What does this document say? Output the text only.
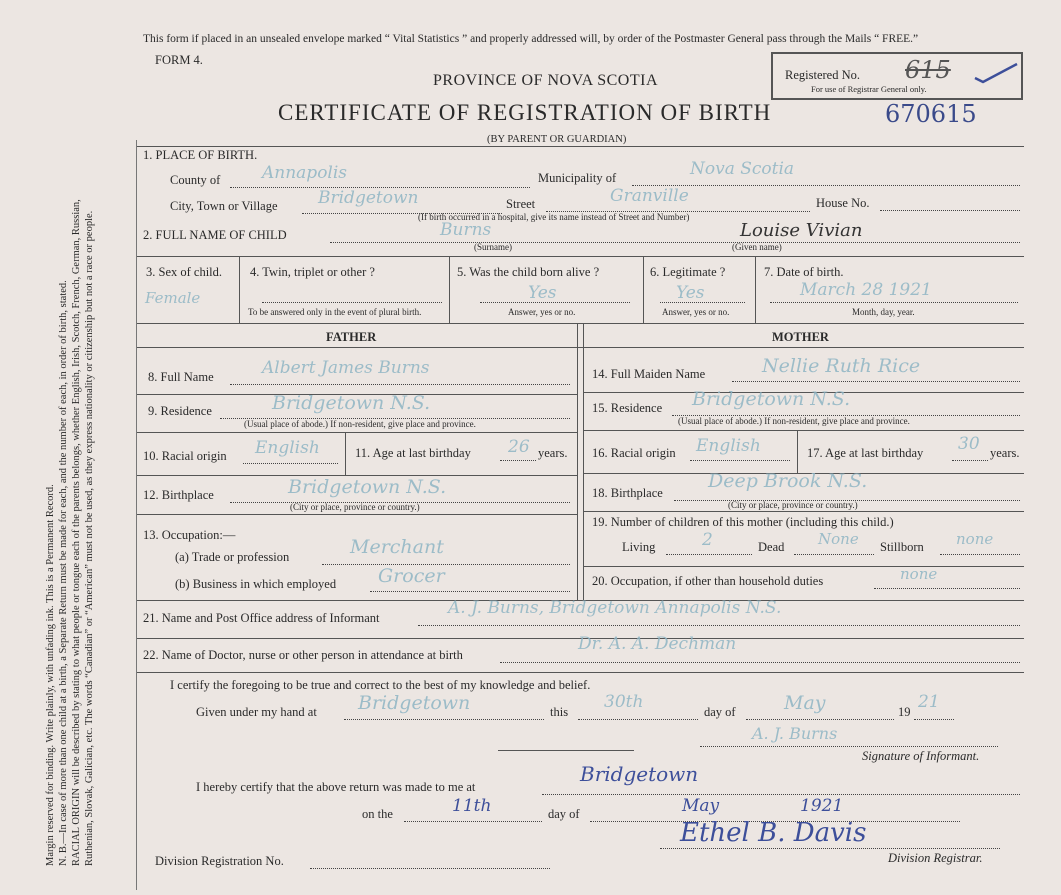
Margin reserved for binding. Write plainly, with unfading ink. This is a Permanent Record. N. B.—In case of more than one child at a birth, a Separate Return must be made for each, and the number of each, in order of birth, stated. RACIAL ORIGIN will be described by stating to what people or tongue each of the parents belongs, whether English, Irish, Scotch, French, German, Russian, Ruthenian, Slovak, Galician, etc. The words “Canadian” or “American” must not be used, as they express nationality or citizenship but not a race or people.
This form if placed in an unsealed envelope marked “ Vital Statistics ” and properly addressed will, by order of the Postmaster General pass through the Mails “ FREE.”
FORM 4.
PROVINCE OF NOVA SCOTIA
CERTIFICATE OF REGISTRATION OF BIRTH	670615
(BY PARENT OR GUARDIAN)
Registered No.
For use of Registrar General only.
615
1. PLACE OF BIRTH.
County of Annapolis	Municipality of	Nova Scotia
City, Town or Village Bridgetown	Street	Granville	House No.
(If birth occurred in a hospital, give its name instead of Street and Number)
2. FULL NAME OF CHILD	Burns
(Surname)
Louise Vivian
(Given name)
3. Sex of child.
Female
4. Twin, triplet or other ?
To be answered only in the event of plural birth.
5. Was the child born alive ?
Yes
Answer, yes or no.
6. Legitimate ?
Yes
Answer, yes or no.
7. Date of birth.
March 28 1921
Month, day, year.
FATHER	MOTHER
8. Full Name	Albert James Burns
9. Residence	Bridgetown N.S.
(Usual place of abode.) If non-resident, give place and province.
10. Racial origin English	11. Age at last birthday 26 years.
12. Birthplace	Bridgetown N.S.
(City or place, province or country.)
13. Occupation:—
(a) Trade or profession	Merchant
(b) Business in which employed Grocer
14. Full Maiden Name	Nellie Ruth Rice
15. Residence Bridgetown N.S.
(Usual place of abode.) If non-resident, give place and province.
16. Racial origin English	17. Age at last birthday 30 years.
18. Birthplace
Deep Brook N.S.
(City or place, province or country.)
19. Number of children of this mother (including this child.)
Living	2	Dead None Stillborn none
20. Occupation, if other than household duties	none
21. Name and Post Office address of Informant	A. J. Burns, Bridgetown Annapolis N.S.
22. Name of Doctor, nurse or other person in attendance at birth
Dr. A. A. Dechman
I certify the foregoing to be true and correct to the best of my knowledge and belief.
Given under my hand at Bridgetown	this 30th	day of	May	19 21
A. J. Burns
Signature of Informant.
I hereby certify that the above return was made to me at
Bridgetown
on the	11th	day of	May	1921
Ethel B. Davis
Division Registrar.
Division Registration No.
